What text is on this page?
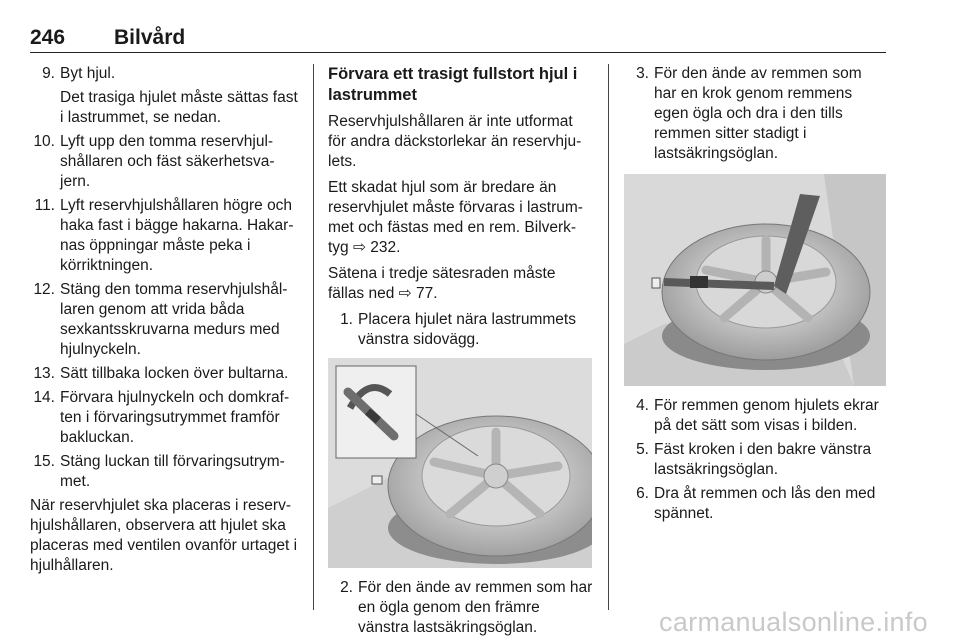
246 Bilvård
9. Byt hjul.
Det trasiga hjulet måste sättas fast i lastrummet, se nedan.
10. Lyft upp den tomma reservhjul-shållaren och fäst säkerhetsva-jern.
11. Lyft reservhjulshållaren högre och haka fast i bägge hakarna. Hakar-nas öppningar måste peka i körriktningen.
12. Stäng den tomma reservhjulshål-laren genom att vrida båda sexkantsskruvarna medurs med hjulnyckeln.
13. Sätt tillbaka locken över bultarna.
14. Förvara hjulnyckeln och domkraf-ten i förvaringsutrymmet framför bakluckan.
15. Stäng luckan till förvaringsutrym-met.

När reservhjulet ska placeras i reserv-hjulshållaren, observera att hjulet ska placeras med ventilen ovanför urtaget i hjulhållaren.

Förvara ett trasigt fullstort hjul i lastrummet

Reservhjulshållaren är inte utformat för andra däckstorlekar än reservhju-lets.

Ett skadat hjul som är bredare än reservhjulet måste förvaras i lastrum-met och fästas med en rem. Bilverk-tyg ⇨ 232.

Sätena i tredje sätesraden måste fällas ned ⇨ 77.

1. Placera hjulet nära lastrummets vänstra sidovägg.
2. För den ände av remmen som har en ögla genom den främre vänstra lastsäkringsöglan.
3. För den ände av remmen som har en krok genom remmens egen ögla och dra i den tills remmen sitter stadigt i lastsäkringsöglan.
4. För remmen genom hjulets ekrar på det sätt som visas i bilden.
5. Fäst kroken i den bakre vänstra lastsäkringsöglan.
6. Dra åt remmen och lås den med spännet.
carmanualsonline.info
